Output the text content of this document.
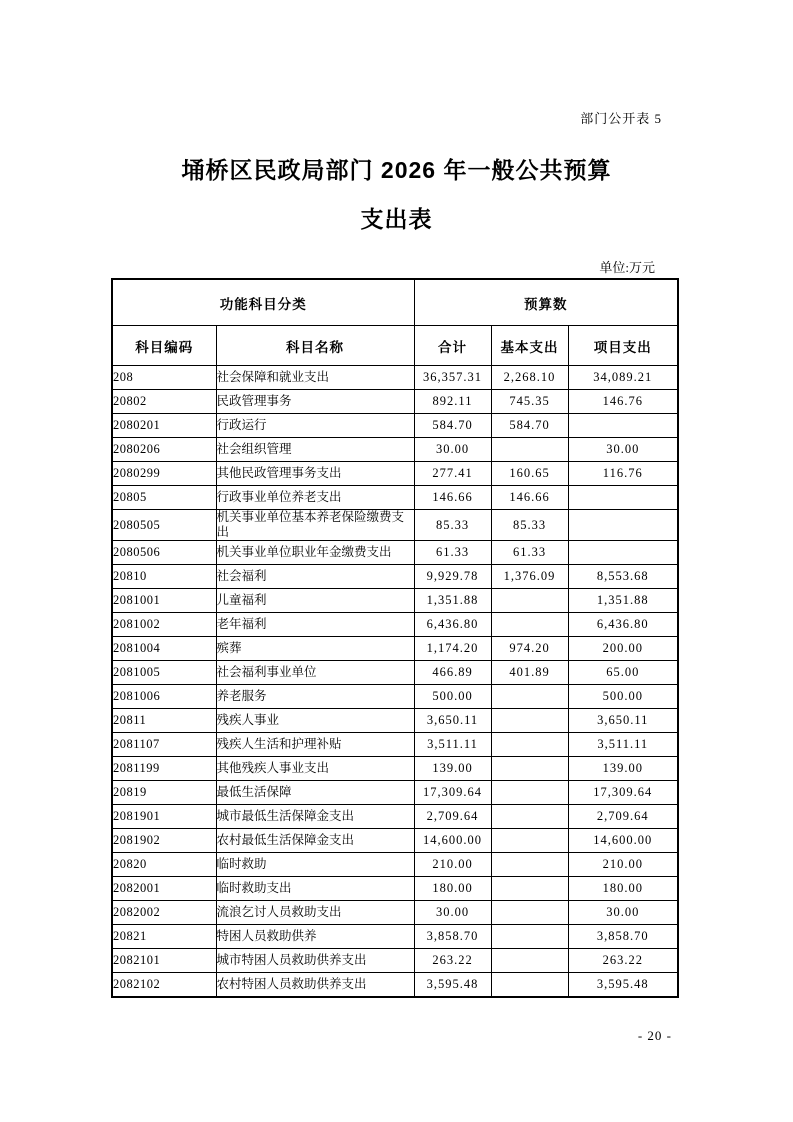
部门公开表 5
埇桥区民政局部门 2026 年一般公共预算
支出表
单位:万元
功能科目分类		预算数		
科目编码	科目名称	合计	基本支出	项目支出
208	社会保障和就业支出	36,357.31	2,268.10	34,089.21
20802	民政管理事务	892.11	745.35	146.76
2080201	行政运行	584.70	584.70	
2080206	社会组织管理	30.00		30.00
2080299	其他民政管理事务支出	277.41	160.65	116.76
20805	行政事业单位养老支出	146.66	146.66	
2080505	机关事业单位基本养老保险缴费支出	85.33	85.33	
2080506	机关事业单位职业年金缴费支出	61.33	61.33	
20810	社会福利	9,929.78	1,376.09	8,553.68
2081001	儿童福利	1,351.88		1,351.88
2081002	老年福利	6,436.80		6,436.80
2081004	殡葬	1,174.20	974.20	200.00
2081005	社会福利事业单位	466.89	401.89	65.00
2081006	养老服务	500.00		500.00
20811	残疾人事业	3,650.11		3,650.11
2081107	残疾人生活和护理补贴	3,511.11		3,511.11
2081199	其他残疾人事业支出	139.00		139.00
20819	最低生活保障	17,309.64		17,309.64
2081901	城市最低生活保障金支出	2,709.64		2,709.64
2081902	农村最低生活保障金支出	14,600.00		14,600.00
20820	临时救助	210.00		210.00
2082001	临时救助支出	180.00		180.00
2082002	流浪乞讨人员救助支出	30.00		30.00
20821	特困人员救助供养	3,858.70		3,858.70
2082101	城市特困人员救助供养支出	263.22		263.22
2082102	农村特困人员救助供养支出	3,595.48		3,595.48
- 20 -
